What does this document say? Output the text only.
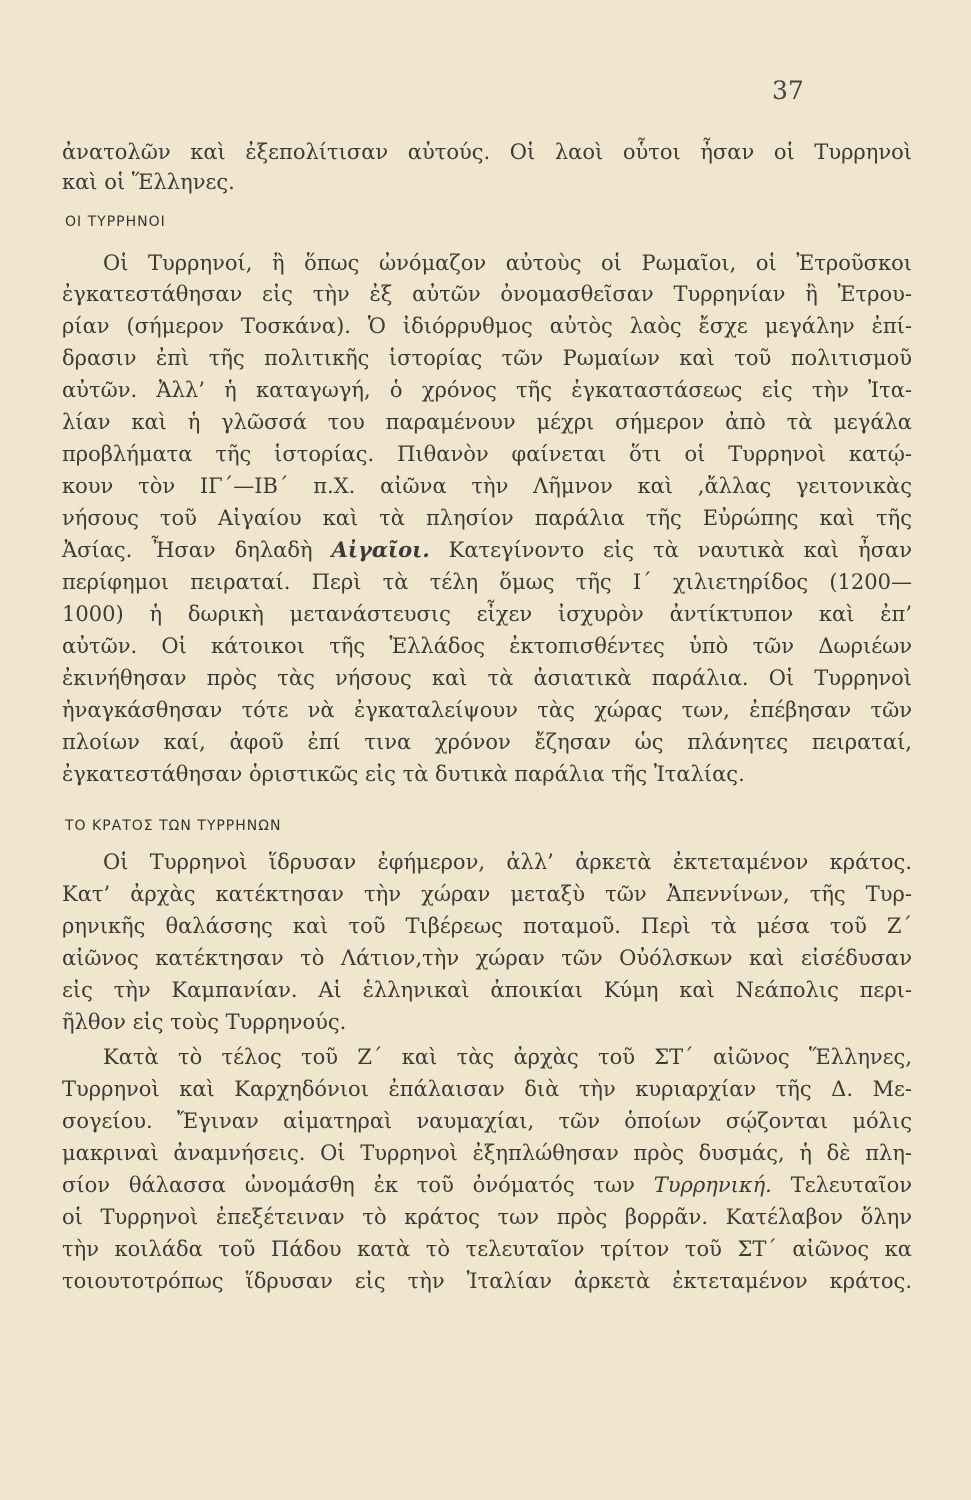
37
ἀνατολῶν καὶ ἐξεπολίτισαν αὐτούς. Οἱ λαοὶ οὗτοι ἦσαν οἱ Τυρρηνοὶ
καὶ οἱ Ἕλληνες.
ΟΙ ΤΥΡΡΗΝΟΙ
Οἱ Τυρρηνοί, ἢ ὅπως ὠνόμαζον αὐτοὺς οἱ Ρωμαῖοι, οἱ Ἐτροῦσκοι
ἐγκατεστάθησαν εἰς τὴν ἐξ αὐτῶν ὀνομασθεῖσαν Τυρρηνίαν ἢ Ἐτρου-
ρίαν (σήμερον Τοσκάνα). Ὁ ἰδιόρρυθμος αὐτὸς λαὸς ἔσχε μεγάλην ἐπί-
δρασιν ἐπὶ τῆς πολιτικῆς ἱστορίας τῶν Ρωμαίων καὶ τοῦ πολιτισμοῦ
αὐτῶν. Ἀλλ’ ἡ καταγωγή, ὁ χρόνος τῆς ἐγκαταστάσεως εἰς τὴν Ἰτα-
λίαν καὶ ἡ γλῶσσά του παραμένουν μέχρι σήμερον ἀπὸ τὰ μεγάλα
προβλήματα τῆς ἱστορίας. Πιθανὸν φαίνεται ὅτι οἱ Τυρρηνοὶ κατῴ-
κουν τὸν ΙΓ΄—ΙΒ΄ π.Χ. αἰῶνα τὴν Λῆμνον καὶ ,ἄλλας γειτονικὰς
νήσους τοῦ Αἰγαίου καὶ τὰ πλησίον παράλια τῆς Εὐρώπης καὶ τῆς
Ἀσίας. Ἦσαν δηλαδὴ Αἰγαῖοι. Κατεγίνοντο εἰς τὰ ναυτικὰ καὶ ἦσαν
περίφημοι πειραταί. Περὶ τὰ τέλη ὅμως τῆς Ι΄ χιλιετηρίδος (1200—
1000) ἡ δωρικὴ μετανάστευσις εἶχεν ἰσχυρὸν ἀντίκτυπον καὶ ἐπ’
αὐτῶν. Οἱ κάτοικοι τῆς Ἑλλάδος ἐκτοπισθέντες ὑπὸ τῶν Δωριέων
ἐκινήθησαν πρὸς τὰς νήσους καὶ τὰ ἀσιατικὰ παράλια. Οἱ Τυρρηνοὶ
ἠναγκάσθησαν τότε νὰ ἐγκαταλείψουν τὰς χώρας των, ἐπέβησαν τῶν
πλοίων καί, ἀφοῦ ἐπί τινα χρόνον ἔζησαν ὡς πλάνητες πειραταί,
ἐγκατεστάθησαν ὁριστικῶς εἰς τὰ δυτικὰ παράλια τῆς Ἰταλίας.
ΤΟ ΚΡΑΤΟΣ ΤΩΝ ΤΥΡΡΗΝΩΝ
Οἱ Τυρρηνοὶ ἵδρυσαν ἐφήμερον, ἀλλ’ ἀρκετὰ ἐκτεταμένον κράτος.
Κατ’ ἀρχὰς κατέκτησαν τὴν χώραν μεταξὺ τῶν Ἀπεννίνων, τῆς Τυρ-
ρηνικῆς θαλάσσης καὶ τοῦ Τιβέρεως ποταμοῦ. Περὶ τὰ μέσα τοῦ Ζ΄
αἰῶνος κατέκτησαν τὸ Λάτιον,τὴν χώραν τῶν Οὐόλσκων καὶ εἰσέδυσαν
εἰς τὴν Καμπανίαν. Αἱ ἑλληνικαὶ ἀποικίαι Κύμη καὶ Νεάπολις περι-
ῆλθον εἰς τοὺς Τυρρηνούς.
Κατὰ τὸ τέλος τοῦ Ζ΄ καὶ τὰς ἀρχὰς τοῦ ΣΤ΄ αἰῶνος Ἕλληνες,
Τυρρηνοὶ καὶ Καρχηδόνιοι ἐπάλαισαν διὰ τὴν κυριαρχίαν τῆς Δ. Με-
σογείου. Ἔγιναν αἱματηραὶ ναυμαχίαι, τῶν ὁποίων σῴζονται μόλις
μακριναὶ ἀναμνήσεις. Οἱ Τυρρηνοὶ ἐξηπλώθησαν πρὸς δυσμάς, ἡ δὲ πλη-
σίον θάλασσα ὠνομάσθη ἐκ τοῦ ὀνόματός των Τυρρηνική. Τελευταῖον
οἱ Τυρρηνοὶ ἐπεξέτειναν τὸ κράτος των πρὸς βορρᾶν. Κατέλαβον ὅλην
τὴν κοιλάδα τοῦ Πάδου κατὰ τὸ τελευταῖον τρίτον τοῦ ΣΤ΄ αἰῶνος κα
τοιουτοτρόπως ἵδρυσαν εἰς τὴν Ἰταλίαν ἀρκετὰ ἐκτεταμένον κράτος.
